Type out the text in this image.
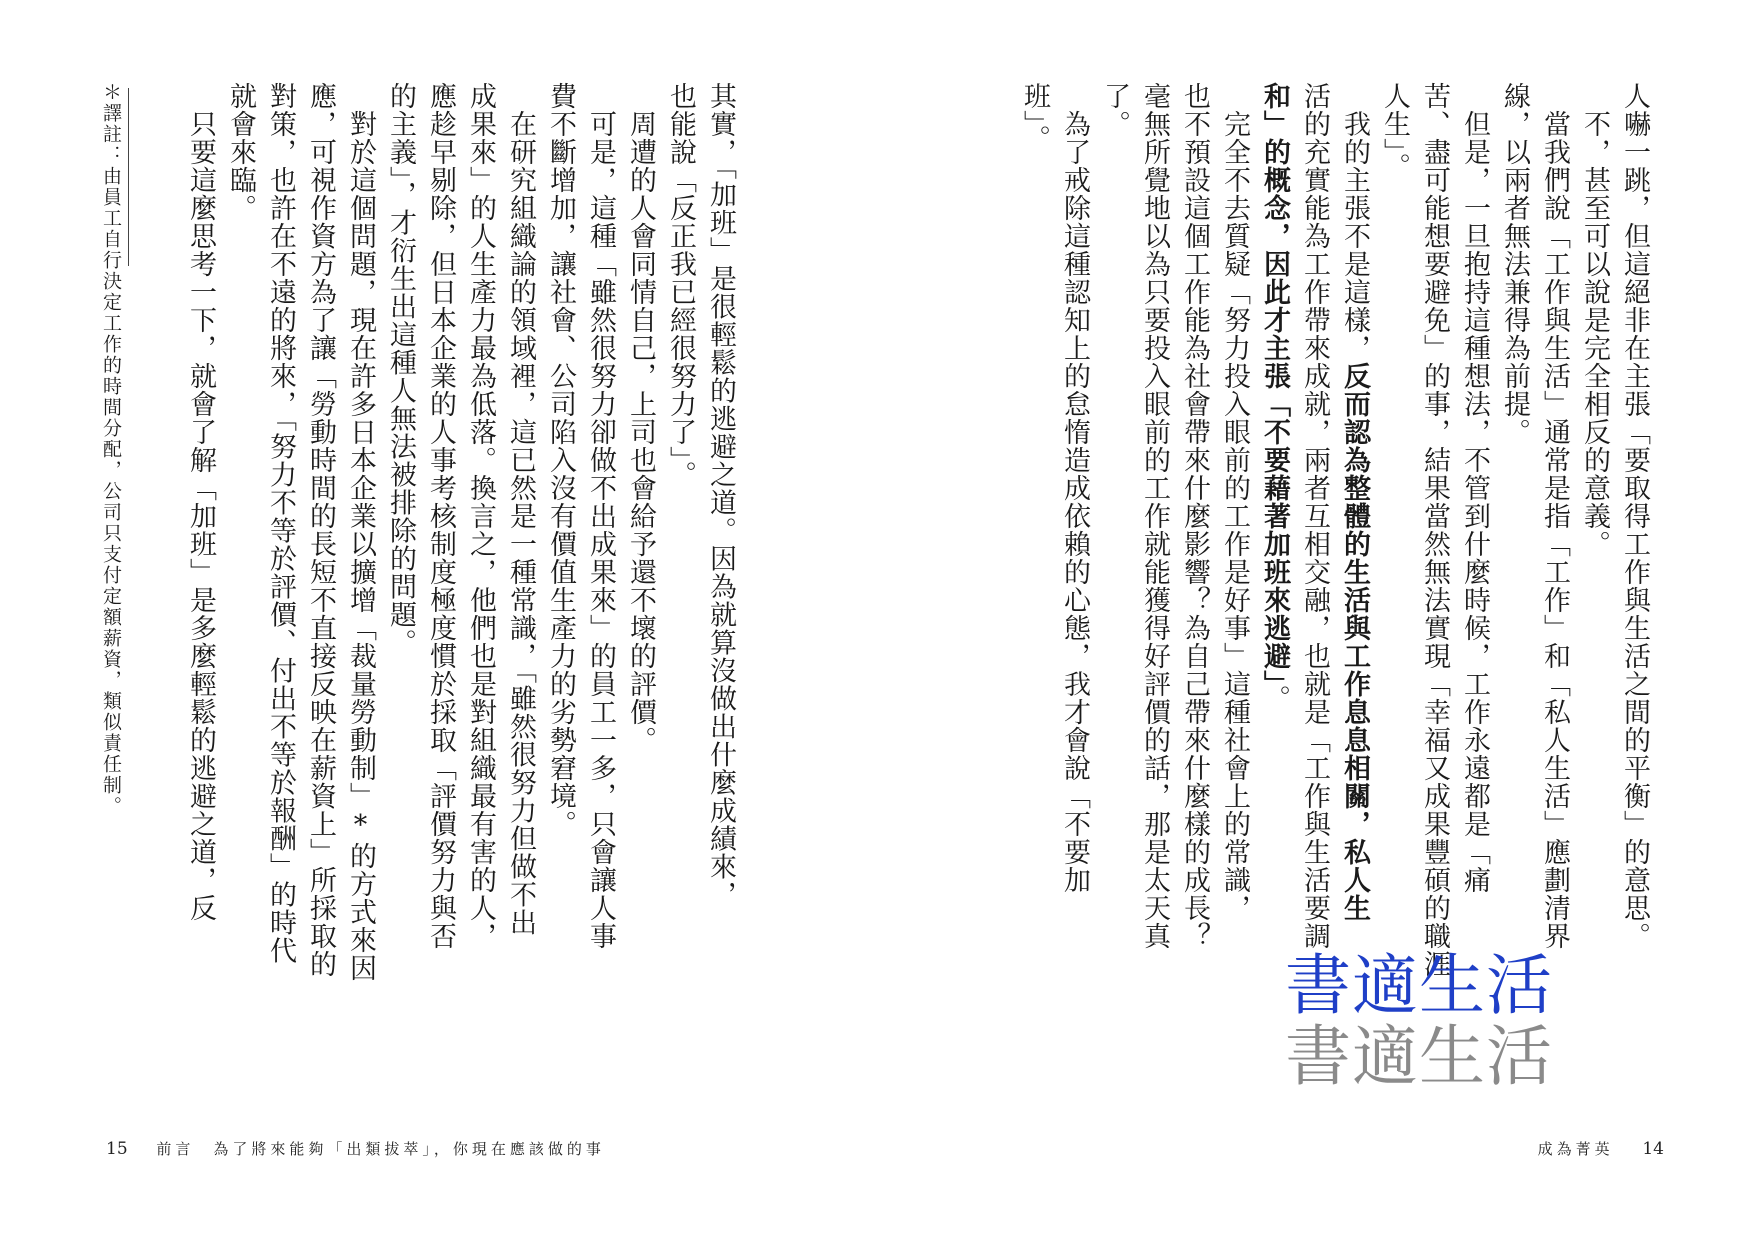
其實，「加班」是很輕鬆的逃避之道。因為就算沒做出什麼成績來，
也能說「反正我已經很努力了」。
　周遭的人會同情自己，上司也會給予還不壞的評價。
　可是，這種「雖然很努力卻做不出成果來」的員工一多，只會讓人事
費不斷增加，讓社會、公司陷入沒有價值生產力的劣勢窘境。
　在研究組織論的領域裡，這已然是一種常識，「雖然很努力但做不出
成果來」的人生產力最為低落。換言之，他們也是對組織最有害的人，
應趁早剔除，但日本企業的人事考核制度極度慣於採取「評價努力與否
的主義」，才衍生出這種人無法被排除的問題。
　對於這個問題，現在許多日本企業以擴增「裁量勞動制」*的方式來因
應，可視作資方為了讓「勞動時間的長短不直接反映在薪資上」所採取的
對策，也許在不遠的將來，「努力不等於評價、付出不等於報酬」的時代
就會來臨。
　只要這麼思考一下，就會了解「加班」是多麼輕鬆的逃避之道，反
＊譯註：由員工自行決定工作的時間分配，公司只支付定額薪資，類似責任制。
15 前言　為了將來能夠「出類拔萃」，你現在應該做的事
人嚇一跳，但這絕非在主張「要取得工作與生活之間的平衡」的意思。
　不，甚至可以說是完全相反的意義。
　當我們說「工作與生活」通常是指「工作」和「私人生活」應劃清界
線，以兩者無法兼得為前提。
　但是，一旦抱持這種想法，不管到什麼時候，工作永遠都是「痛
苦、盡可能想要避免」的事，結果當然無法實現「幸福又成果豐碩的職涯
人生」。
　我的主張不是這樣，反而認為整體的生活與工作息息相關，私人生
活的充實能為工作帶來成就，兩者互相交融，也就是「工作與生活要調
和」的概念，因此才主張「不要藉著加班來逃避」。
　完全不去質疑「努力投入眼前的工作是好事」這種社會上的常識，
也不預設這個工作能為社會帶來什麼影響？為自己帶來什麼樣的成長？
毫無所覺地以為只要投入眼前的工作就能獲得好評價的話，那是太天真
了。
　為了戒除這種認知上的怠惰造成依賴的心態，我才會說「不要加
班」。
書適生活
書適生活
成為菁英 14
